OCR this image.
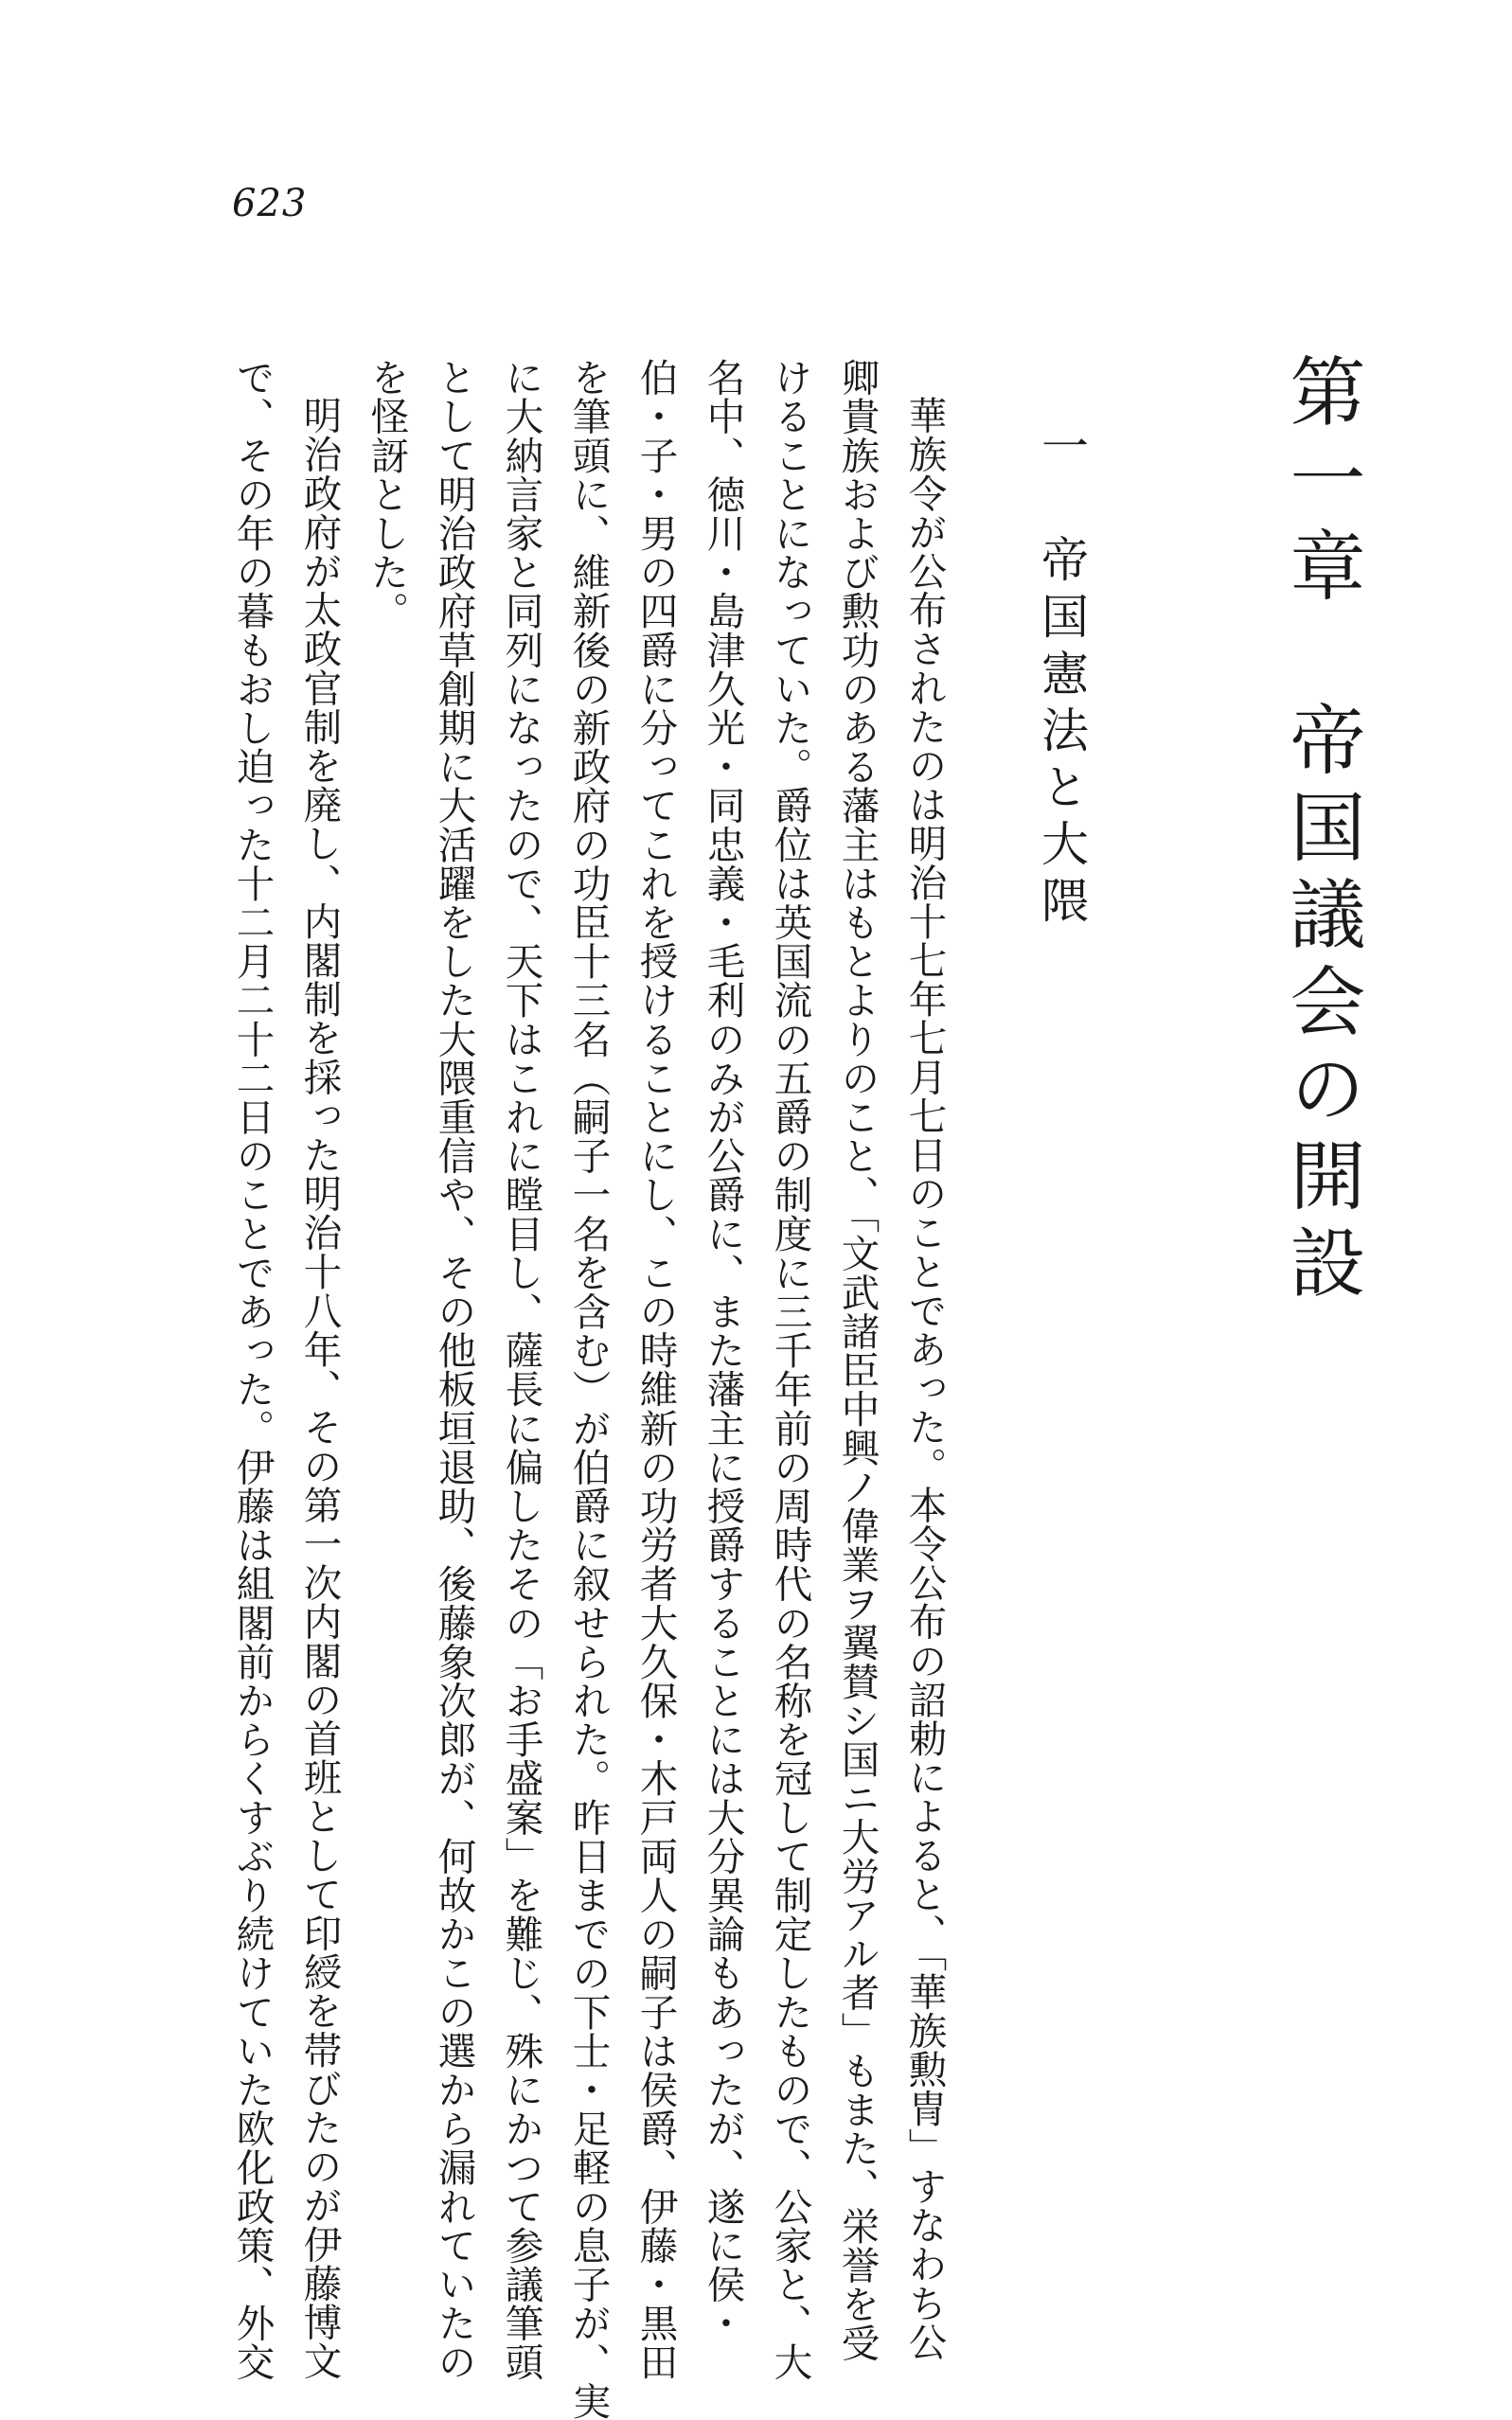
623
第一章　帝国議会の開設
一　帝国憲法と大隈
華族令が公布されたのは明治十七年七月七日のことであった。本令公布の詔勅によると、「華族勲冑」すなわち公
卿貴族および勲功のある藩主はもとよりのこと、「文武諸臣中興ノ偉業ヲ翼賛シ国ニ大労アル者」もまた、栄誉を受
けることになっていた。爵位は英国流の五爵の制度に三千年前の周時代の名称を冠して制定したもので、公家と、大
名中、徳川・島津久光・同忠義・毛利のみが公爵に、また藩主に授爵することには大分異論もあったが、遂に侯・
伯・子・男の四爵に分ってこれを授けることにし、この時維新の功労者大久保・木戸両人の嗣子は侯爵、伊藤・黒田
を筆頭に、維新後の新政府の功臣十三名（嗣子一名を含む）が伯爵に叙せられた。昨日までの下士・足軽の息子が、実
に大納言家と同列になったので、天下はこれに瞠目し、薩長に偏したその「お手盛案」を難じ、殊にかつて参議筆頭
として明治政府草創期に大活躍をした大隈重信や、その他板垣退助、後藤象次郎が、何故かこの選から漏れていたの
を怪訝とした。
明治政府が太政官制を廃し、内閣制を採った明治十八年、その第一次内閣の首班として印綬を帯びたのが伊藤博文
で、その年の暮もおし迫った十二月二十二日のことであった。伊藤は組閣前からくすぶり続けていた欧化政策、外交
